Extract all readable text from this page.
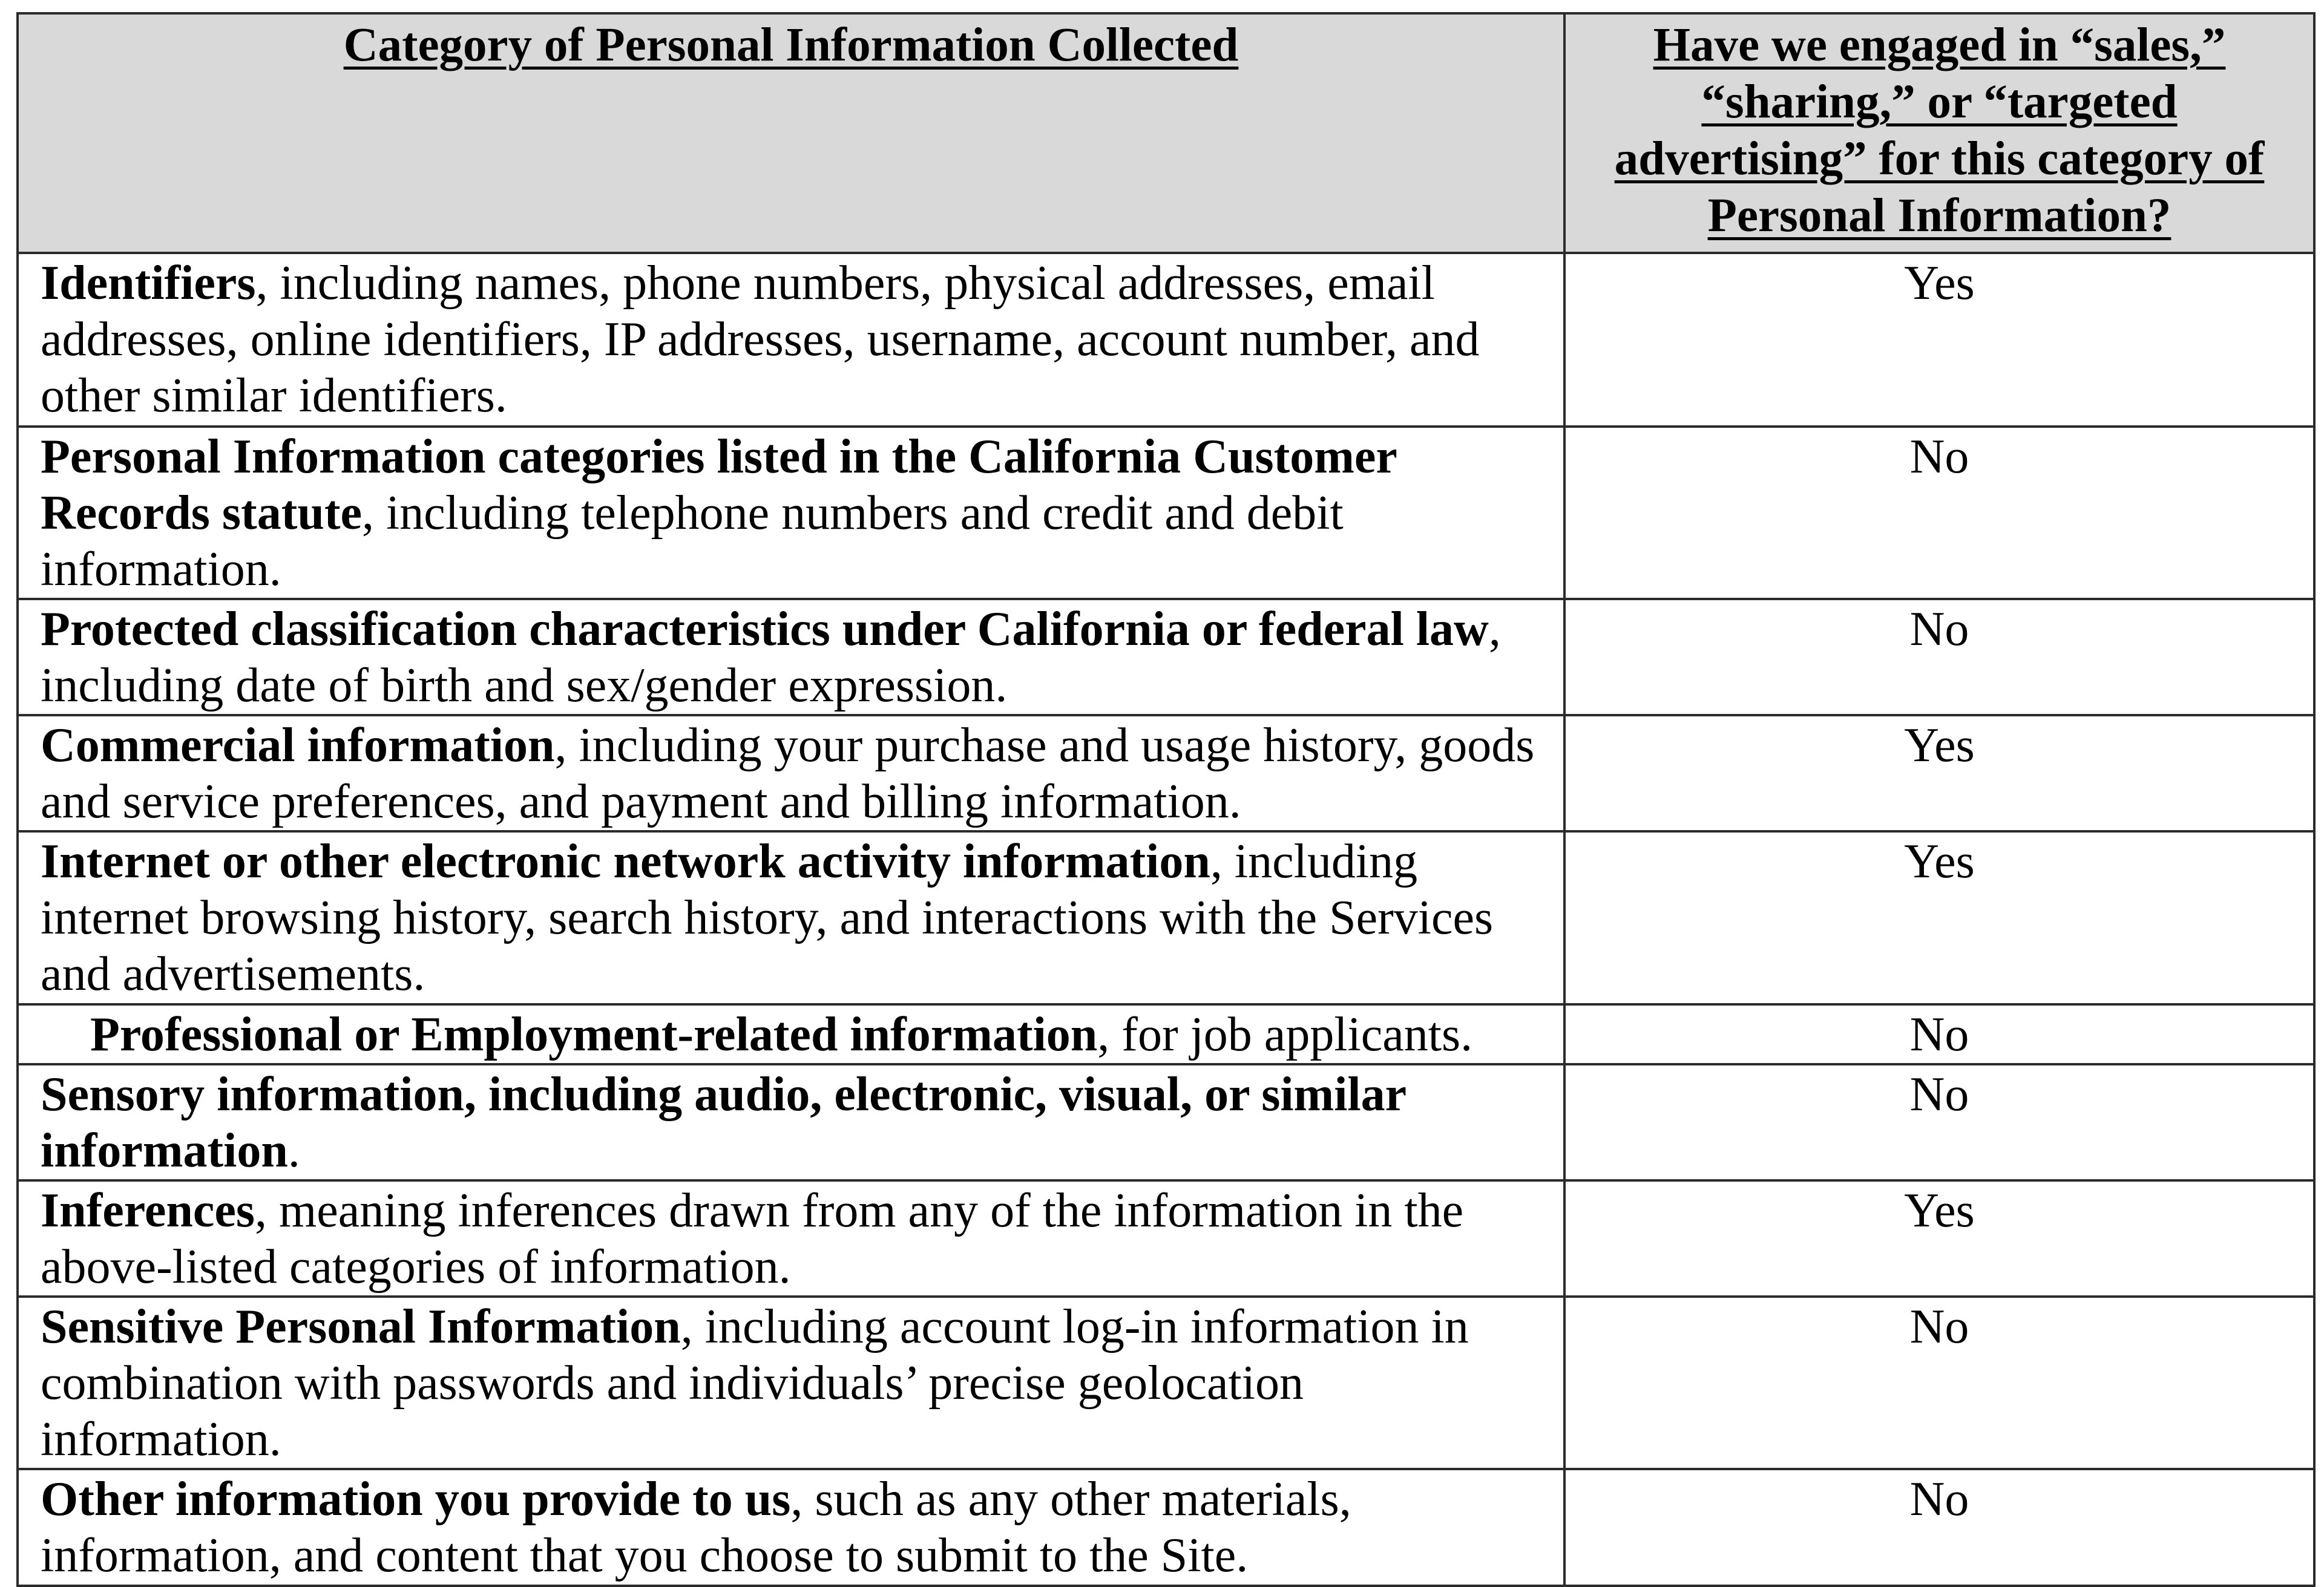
Category of Personal Information Collected	Have we engaged in “sales,” “sharing,” or “targeted advertising” for this category of Personal Information?
Identifiers, including names, phone numbers, physical addresses, email addresses, online identifiers, IP addresses, username, account number, and other similar identifiers.	Yes
Personal Information categories listed in the California Customer Records statute, including telephone numbers and credit and debit information.	No
Protected classification characteristics under California or federal law, including date of birth and sex/gender expression.	No
Commercial information, including your purchase and usage history, goods and service preferences, and payment and billing information.	Yes
Internet or other electronic network activity information, including internet browsing history, search history, and interactions with the Services and advertisements.	Yes
Professional or Employment-related information, for job applicants.	No
Sensory information, including audio, electronic, visual, or similar information.	No
Inferences, meaning inferences drawn from any of the information in the above-listed categories of information.	Yes
Sensitive Personal Information, including account log-in information in combination with passwords and individuals’ precise geolocation information.	No
Other information you provide to us, such as any other materials, information, and content that you choose to submit to the Site.	No
